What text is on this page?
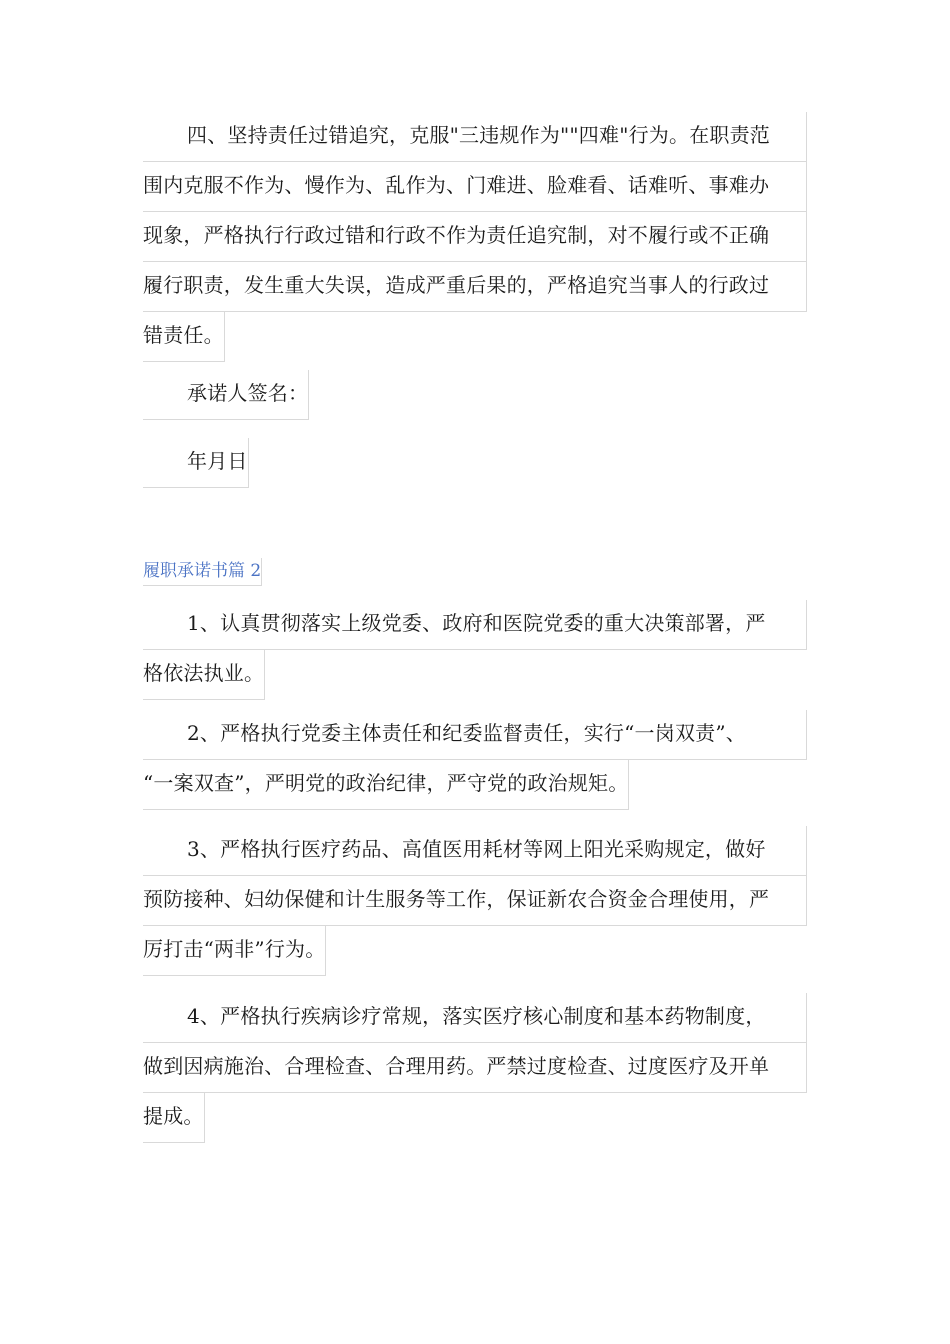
四、坚持责任过错追究，克服"三违规作为""四难"行为。在职责范
围内克服不作为、慢作为、乱作为、门难进、脸难看、话难听、事难办
现象，严格执行行政过错和行政不作为责任追究制，对不履行或不正确
履行职责，发生重大失误，造成严重后果的，严格追究当事人的行政过
错责任。
承诺人签名：
年月日
履职承诺书篇 2
1、认真贯彻落实上级党委、政府和医院党委的重大决策部署，严
格依法执业。
2、严格执行党委主体责任和纪委监督责任，实行“一岗双责”、
“一案双查”，严明党的政治纪律，严守党的政治规矩。
3、严格执行医疗药品、高值医用耗材等网上阳光采购规定，做好
预防接种、妇幼保健和计生服务等工作，保证新农合资金合理使用，严
厉打击“两非”行为。
4、严格执行疾病诊疗常规，落实医疗核心制度和基本药物制度，
做到因病施治、合理检查、合理用药。严禁过度检查、过度医疗及开单
提成。
